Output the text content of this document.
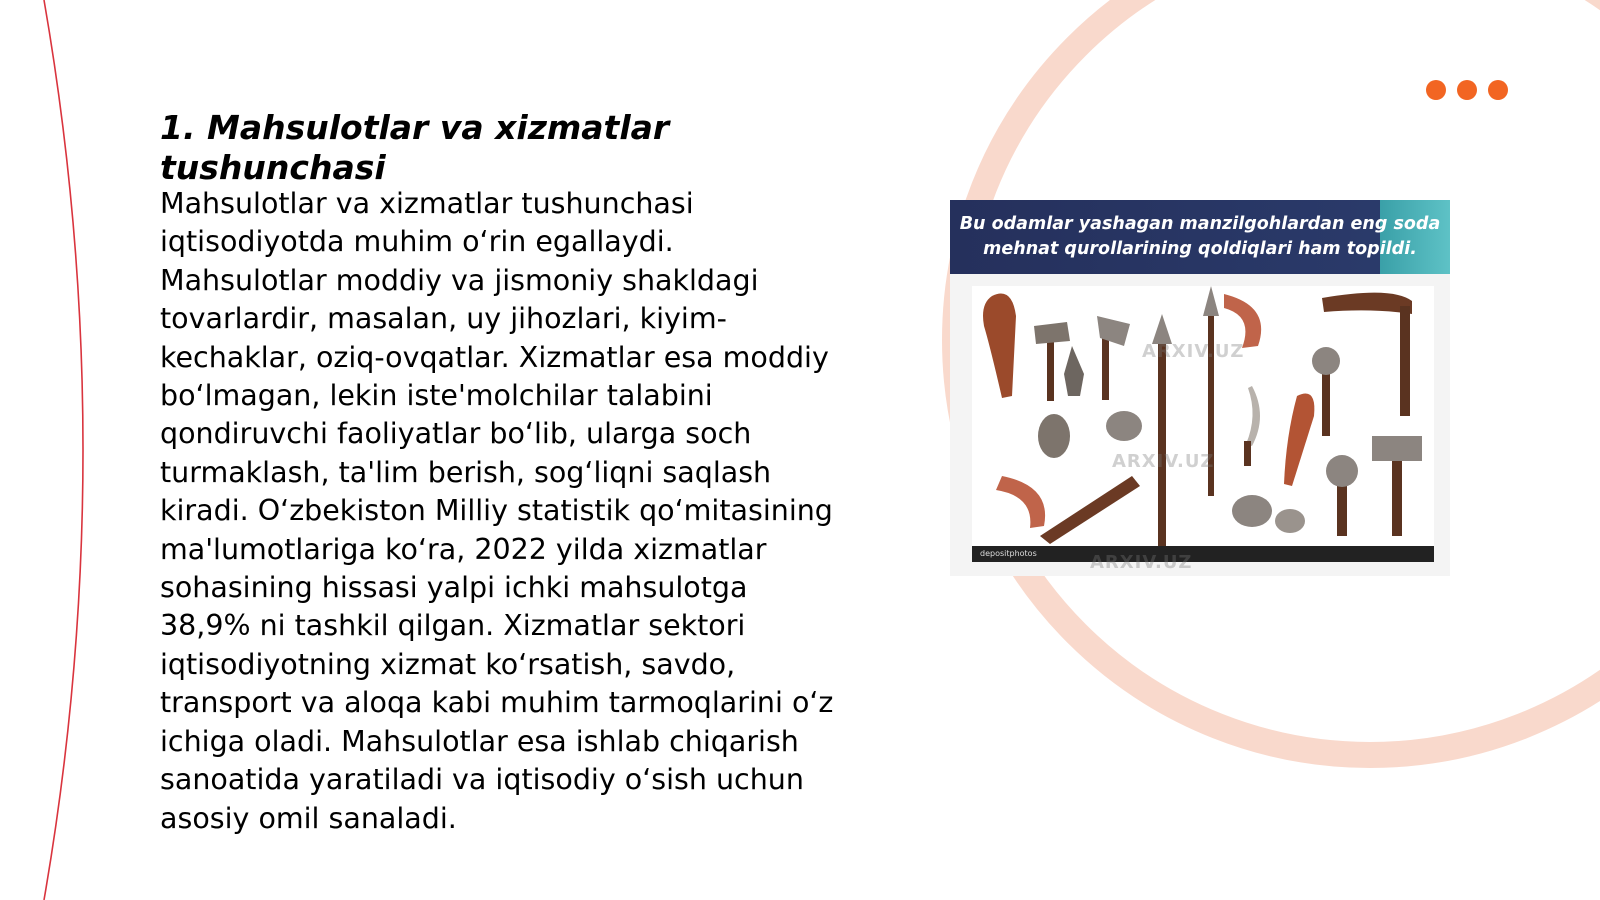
1. Mahsulotlar va xizmatlar tushunchasi

Mahsulotlar va xizmatlar tushunchasi iqtisodiyotda muhim o‘rin egallaydi. Mahsulotlar moddiy va jismoniy shakldagi tovarlardir, masalan, uy jihozlari, kiyim-kechaklar, oziq-ovqatlar. Xizmatlar esa moddiy bo‘lmagan, lekin iste'molchilar talabini qondiruvchi faoliyatlar bo‘lib, ularga soch turmaklash, ta'lim berish, sog‘liqni saqlash kiradi. O‘zbekiston Milliy statistik qo‘mitasining ma'lumotlariga ko‘ra, 2022 yilda xizmatlar sohasining hissasi yalpi ichki mahsulotga 38,9% ni tashkil qilgan. Xizmatlar sektori iqtisodiyotning xizmat ko‘rsatish, savdo, transport va aloqa kabi muhim tarmoqlarini o‘z ichiga oladi. Mahsulotlar esa ishlab chiqarish sanoatida yaratiladi va iqtisodiy o‘sish uchun asosiy omil sanaladi.

Bu odamlar yashagan manzilgohlardan eng soda
mehnat qurollarining qoldiqlari ham topildi.
ARXIV.UZ
ARXIV.UZ
depositphotos	ARXIV.UZ
